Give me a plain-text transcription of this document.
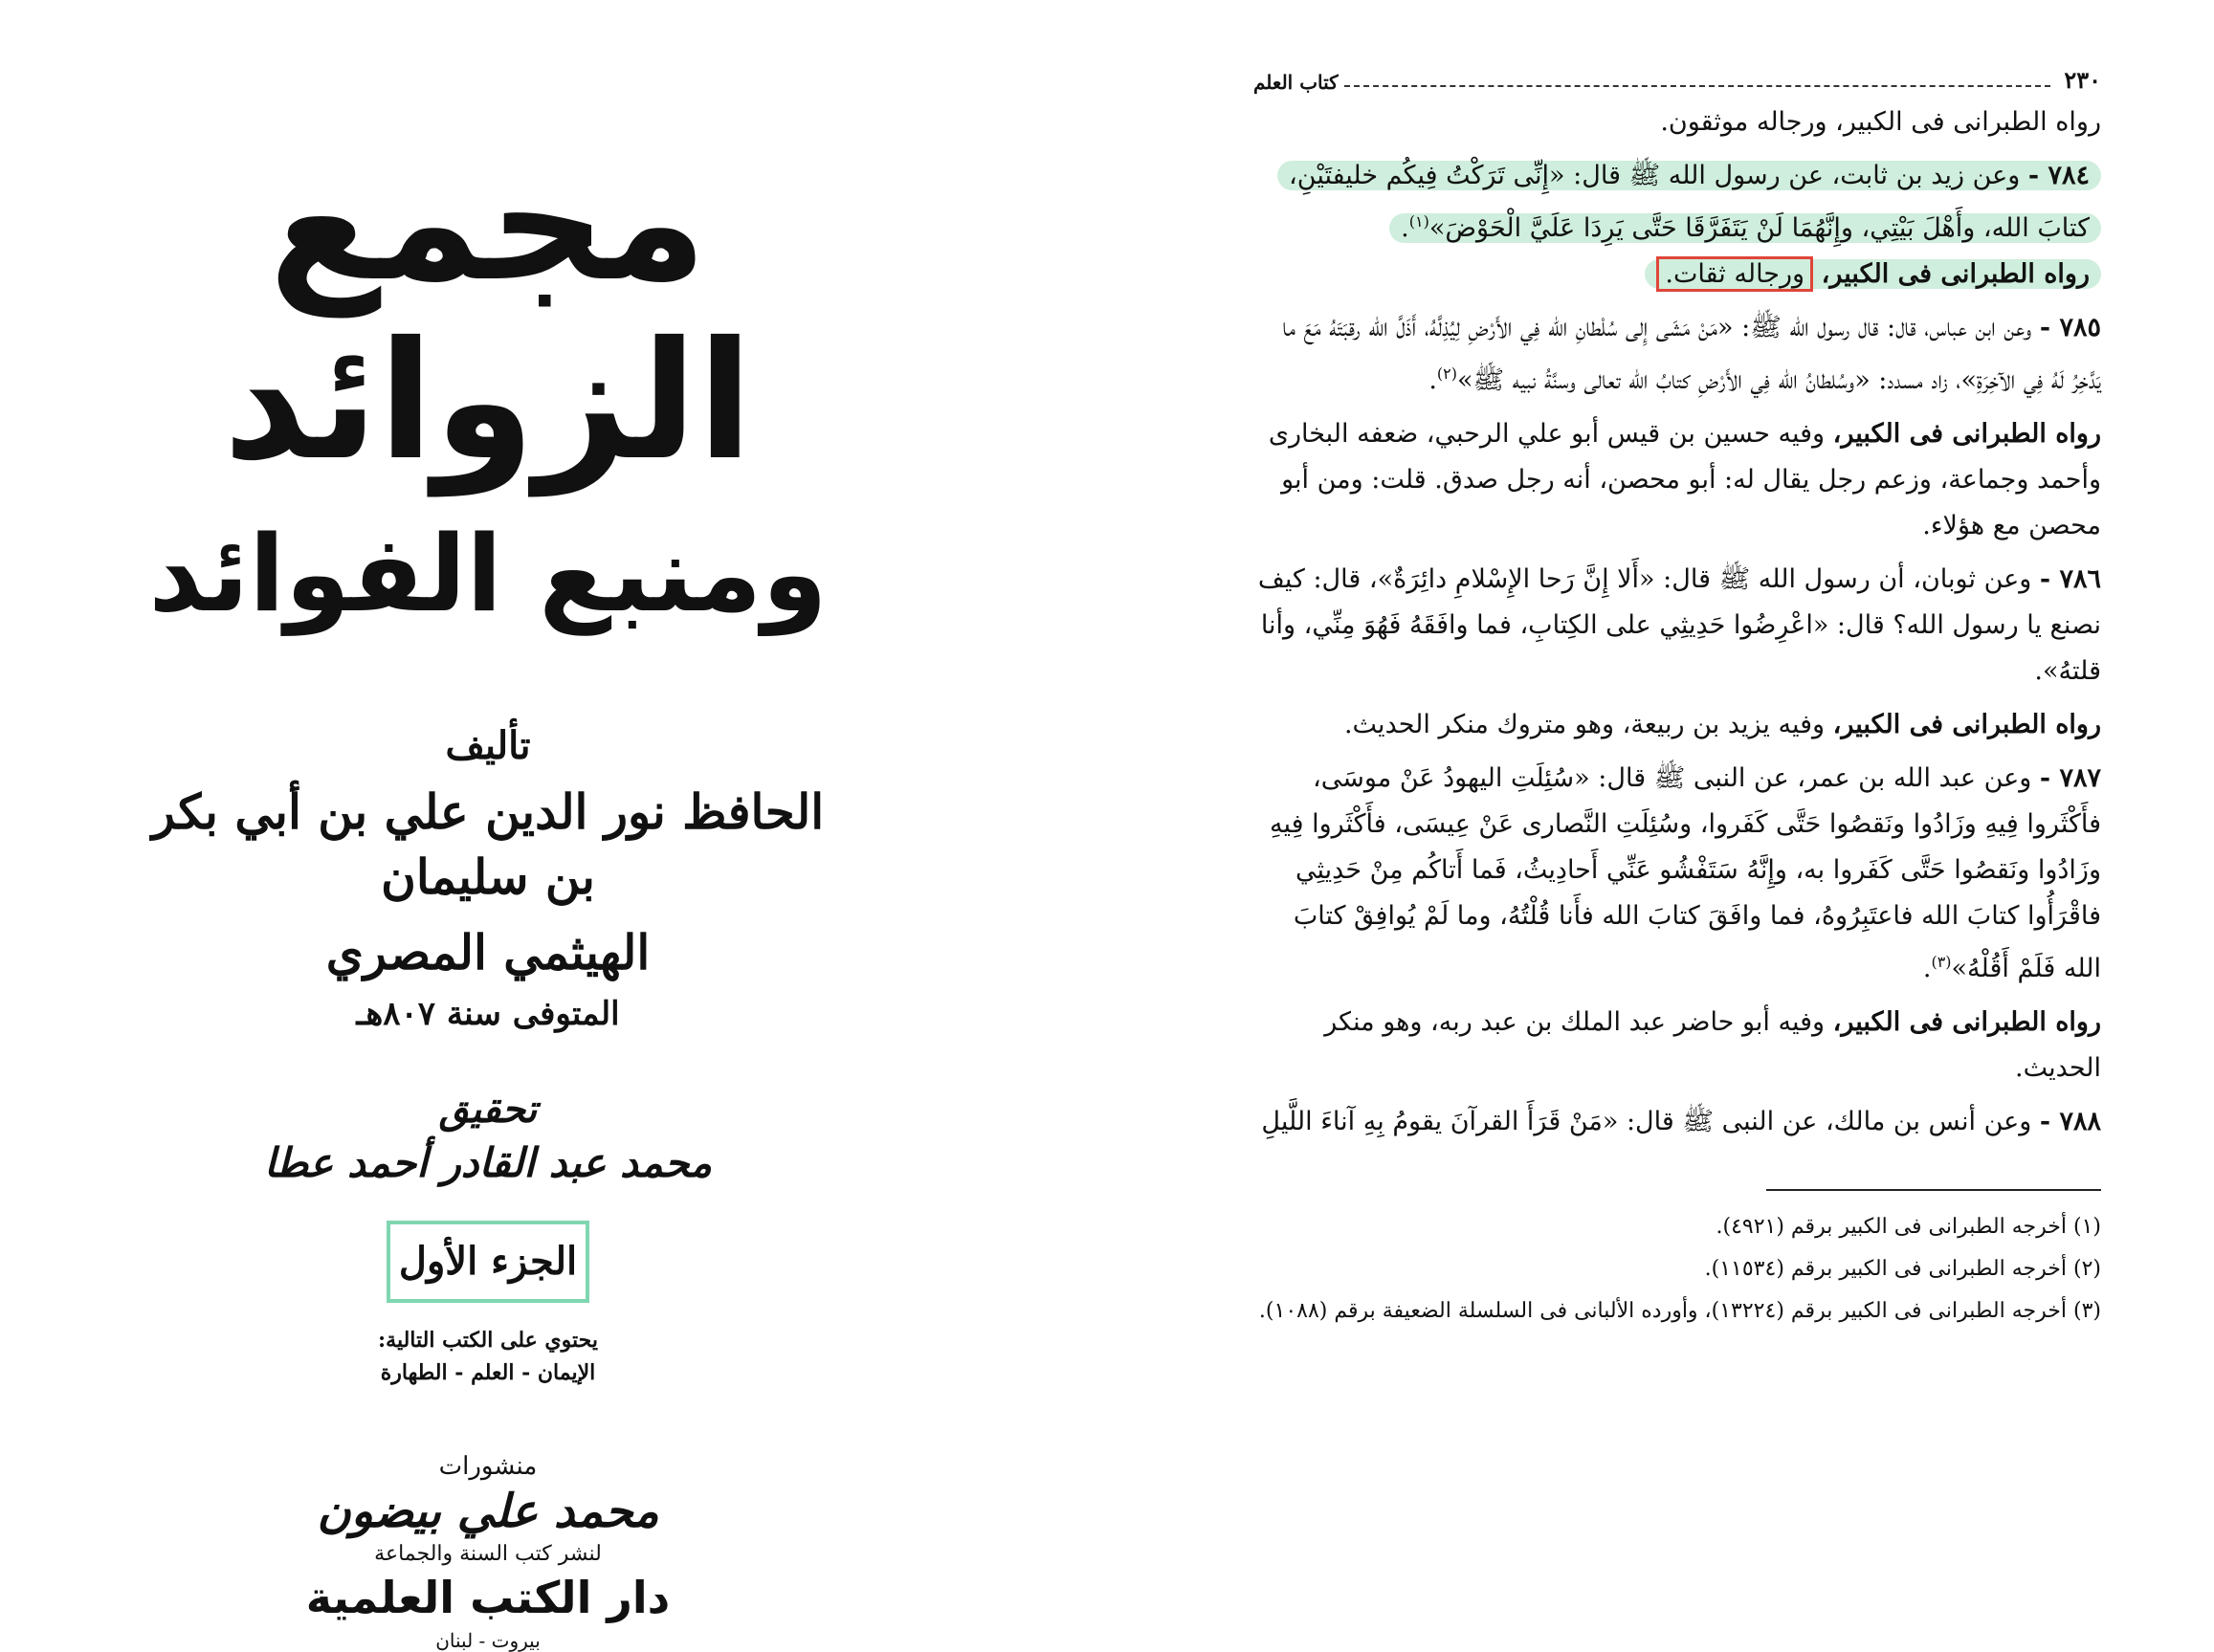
مجمع الزوائد
ومنبع الفوائد
تأليف
الحافظ نور الدين علي بن أبي بكر بن سليمان
الهيثمي المصري
المتوفى سنة ٨٠٧هـ
تحقيق
محمد عبد القادر أحمد عطا
الجزء الأول
يحتوي على الكتب التالية:
الإيمان - العلم - الطهارة
منشورات
محمد علي بيضون
لنشر كتب السنة والجماعة
دار الكتب العلمية
بيروت - لبنان
٢٣٠
كتاب العلم

رواه الطبرانى فى الكبير، ورجاله موثقون.

٧٨٤ - وعن زيد بن ثابت، عن رسول الله ﷺ قال: «إِنِّى تَرَكْتُ فِيكُم خليفتَيْنِ، كتابَ الله، وأَهْلَ بَيْتِي، وإِنَّهُمَا لَنْ يَتَفَرَّقَا حَتَّى يَرِدَا عَلَيَّ الْحَوْضَ»$^{(١)}$.

رواه الطبرانى فى الكبير، ورجاله ثقات.

٧٨٥ - وعن ابن عباس، قال: قال رسول الله ﷺ: «مَنْ مَشَى إِلى سُلْطانِ الله فِي الأَرْضِ لِيُذِلَّهُ، أَذَلَّ الله رقبَتَهُ مَعَ ما يَدَّخِرُ لَهُ فِي الآخِرَةِ»، زاد مسدد: «وسُلطانُ الله فِي الأَرْضِ كتابُ الله تعالى وسنَّةُ نبيه ﷺ»$^{(٢)}$.

رواه الطبرانى فى الكبير، وفيه حسين بن قيس أبو علي الرحبي، ضعفه البخارى وأحمد وجماعة، وزعم رجل يقال له: أبو محصن، أنه رجل صدق. قلت: ومن أبو محصن مع هؤلاء.

٧٨٦ - وعن ثوبان، أن رسول الله ﷺ قال: «أَلا إِنَّ رَحا الإِسْلامِ دائِرَةٌ»، قال: كيف نصنع يا رسول الله؟ قال: «اعْرِضُوا حَدِيثِي على الكِتابِ، فما وافَقَهُ فَهُوَ مِنِّي، وأنا قلتهُ».

رواه الطبرانى فى الكبير، وفيه يزيد بن ربيعة، وهو متروك منكر الحديث.

٧٨٧ - وعن عبد الله بن عمر، عن النبى ﷺ قال: «سُئِلَتِ اليهودُ عَنْ موسَى، فأَكْثَروا فِيهِ وزَادُوا ونَقصُوا حَتَّى كَفَروا، وسُئِلَتِ النَّصارى عَنْ عِيسَى، فأَكْثَروا فِيهِ وزَادُوا ونَقصُوا حَتَّى كَفَروا به، وإِنَّهُ سَتَفْشُو عَنِّي أَحادِيثُ، فَما أَتاكُم مِنْ حَدِيثِي فاقْرَأُوا كتابَ الله فاعتَبِرُوهُ، فما وافَقَ كتابَ الله فأَنا قُلْتُهُ، وما لَمْ يُوافِقْ كتابَ الله فَلَمْ أَقُلْهُ»$^{(٣)}$.

رواه الطبرانى فى الكبير، وفيه أبو حاضر عبد الملك بن عبد ربه، وهو منكر الحديث.

٧٨٨ - وعن أنس بن مالك، عن النبى ﷺ قال: «مَنْ قَرَأَ القرآنَ يقومُ بِهِ آناءَ اللَّيلِ

(١) أخرجه الطبرانى فى الكبير برقم (٤٩٢١).

(٢) أخرجه الطبرانى فى الكبير برقم (١١٥٣٤).

(٣) أخرجه الطبرانى فى الكبير برقم (١٣٢٢٤)، وأورده الألبانى فى السلسلة الضعيفة برقم (١٠٨٨).
